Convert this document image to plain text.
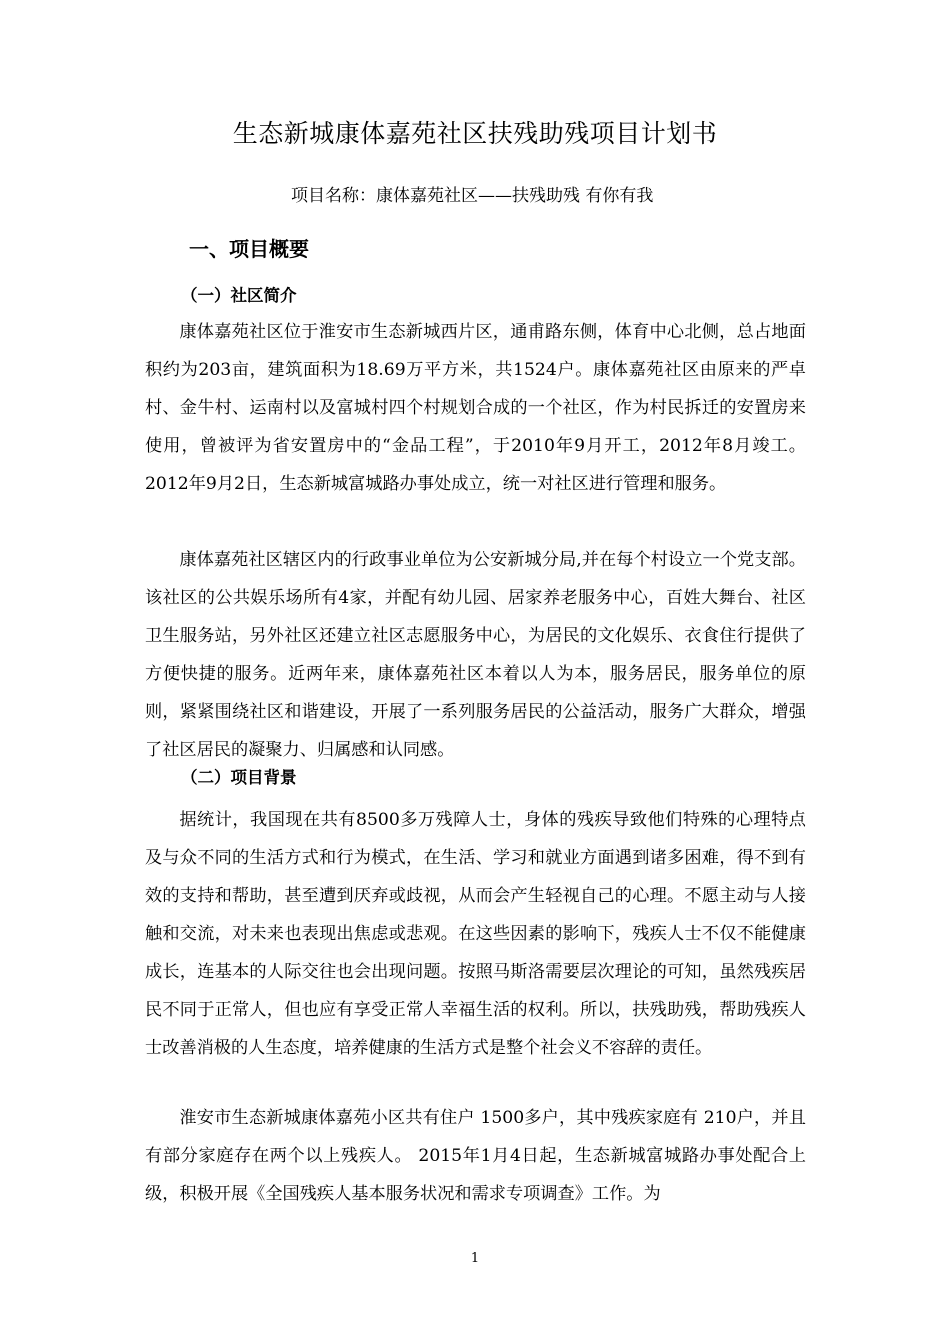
生态新城康体嘉苑社区扶残助残项目计划书
项目名称：康体嘉苑社区——扶残助残 有你有我
一、项目概要
（一）社区简介

康体嘉苑社区位于淮安市生态新城西片区，通甫路东侧，体育中心北侧，总占地面积约为203亩，建筑面积为18.69万平方米，共1524户。康体嘉苑社区由原来的严卓村、金牛村、运南村以及富城村四个村规划合成的一个社区，作为村民拆迁的安置房来使用，曾被评为省安置房中的“金品工程”，于2010年9月开工，2012年8月竣工。2012年9月2日，生态新城富城路办事处成立，统一对社区进行管理和服务。

康体嘉苑社区辖区内的行政事业单位为公安新城分局,并在每个村设立一个党支部。该社区的公共娱乐场所有4家，并配有幼儿园、居家养老服务中心，百姓大舞台、社区卫生服务站，另外社区还建立社区志愿服务中心，为居民的文化娱乐、衣食住行提供了方便快捷的服务。近两年来，康体嘉苑社区本着以人为本，服务居民，服务单位的原则，紧紧围绕社区和谐建设，开展了一系列服务居民的公益活动，服务广大群众，增强了社区居民的凝聚力、归属感和认同感。

（二）项目背景

据统计，我国现在共有8500多万残障人士，身体的残疾导致他们特殊的心理特点及与众不同的生活方式和行为模式，在生活、学习和就业方面遇到诸多困难，得不到有效的支持和帮助，甚至遭到厌弃或歧视，从而会产生轻视自己的心理。不愿主动与人接触和交流，对未来也表现出焦虑或悲观。在这些因素的影响下，残疾人士不仅不能健康成长，连基本的人际交往也会出现问题。按照马斯洛需要层次理论的可知，虽然残疾居民不同于正常人，但也应有享受正常人幸福生活的权利。所以，扶残助残，帮助残疾人士改善消极的人生态度，培养健康的生活方式是整个社会义不容辞的责任。

淮安市生态新城康体嘉苑小区共有住户 1500多户，其中残疾家庭有 210户，并且有部分家庭存在两个以上残疾人。 2015年1月4日起，生态新城富城路办事处配合上级，积极开展《全国残疾人基本服务状况和需求专项调查》工作。为

1
